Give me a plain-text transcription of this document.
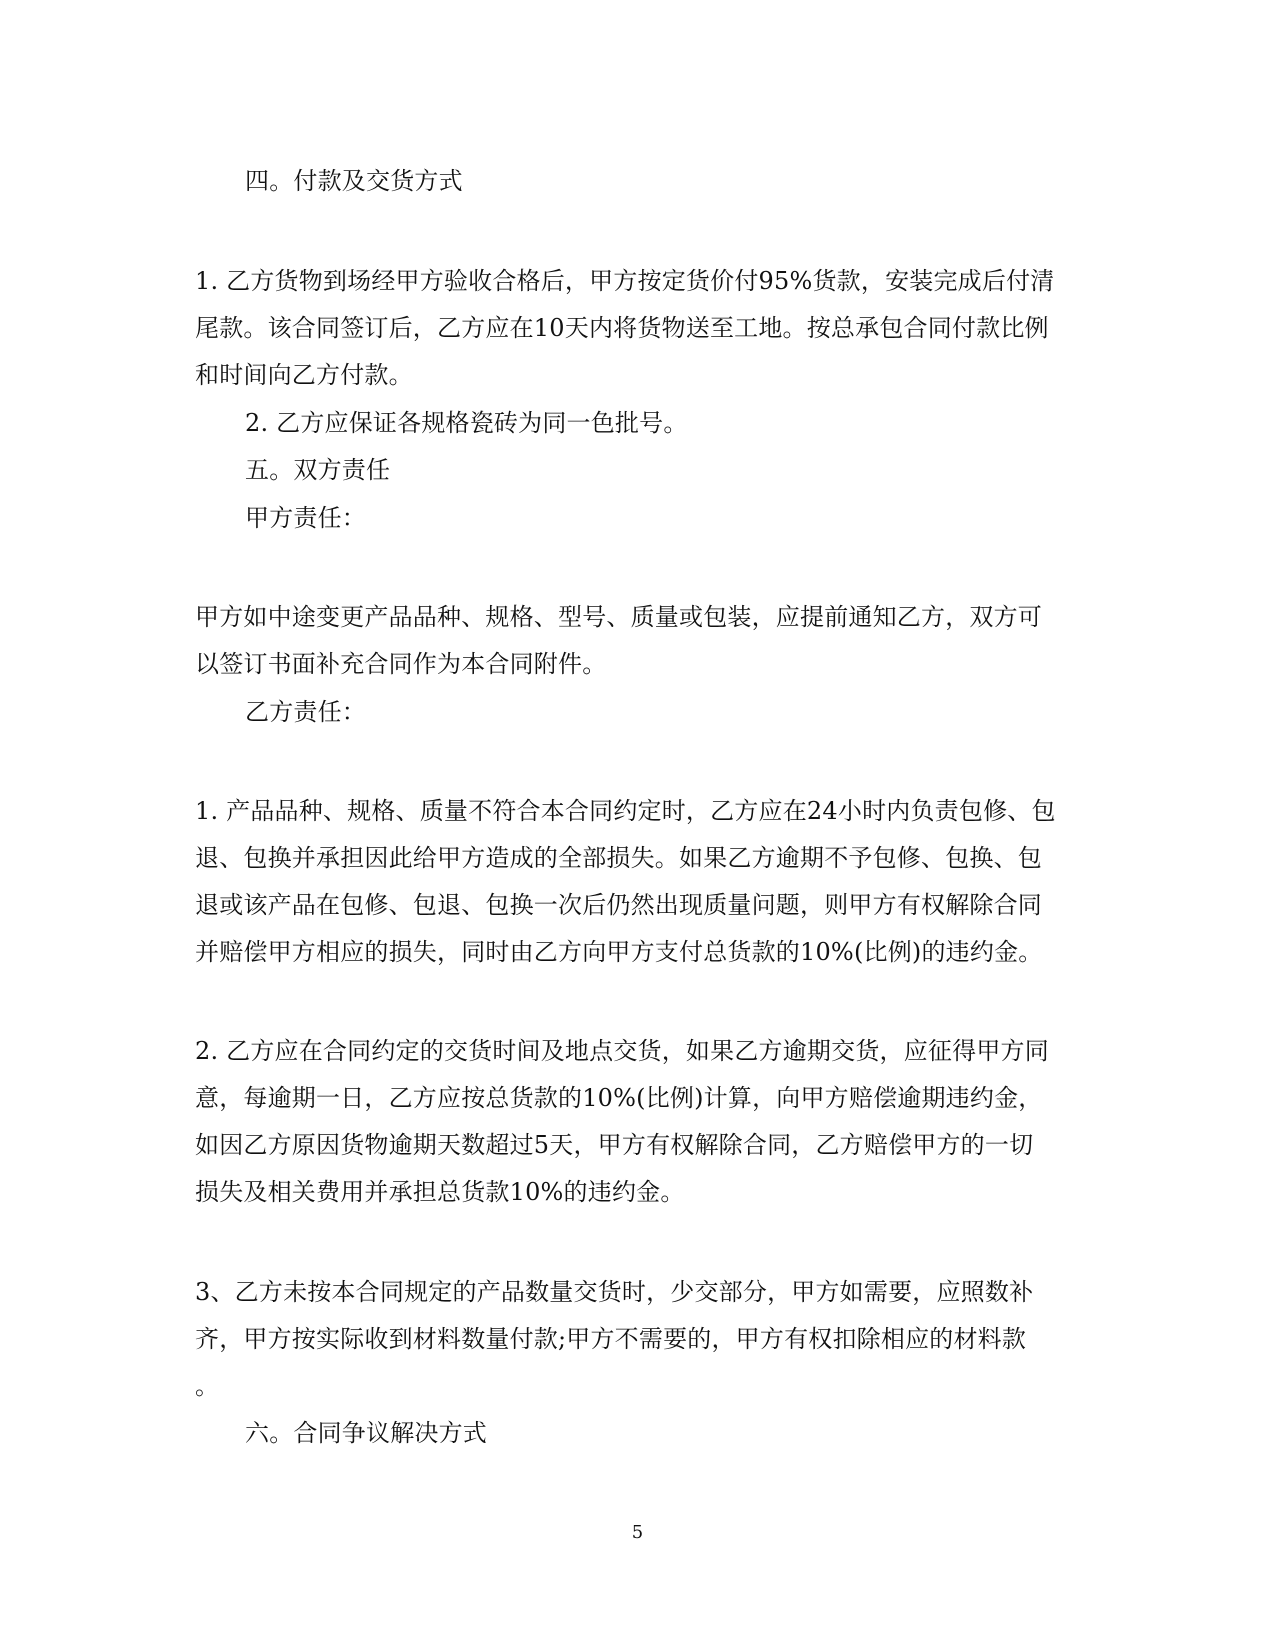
四。付款及交货方式
1. 乙方货物到场经甲方验收合格后，甲方按定货价付95%货款，安装完成后付清
尾款。该合同签订后，乙方应在10天内将货物送至工地。按总承包合同付款比例
和时间向乙方付款。
2. 乙方应保证各规格瓷砖为同一色批号。
五。双方责任
甲方责任：
甲方如中途变更产品品种、规格、型号、质量或包装，应提前通知乙方，双方可
以签订书面补充合同作为本合同附件。
乙方责任：
1. 产品品种、规格、质量不符合本合同约定时，乙方应在24小时内负责包修、包
退、包换并承担因此给甲方造成的全部损失。如果乙方逾期不予包修、包换、包
退或该产品在包修、包退、包换一次后仍然出现质量问题，则甲方有权解除合同
并赔偿甲方相应的损失，同时由乙方向甲方支付总货款的10%(比例)的违约金。
2. 乙方应在合同约定的交货时间及地点交货，如果乙方逾期交货，应征得甲方同
意，每逾期一日，乙方应按总货款的10%(比例)计算，向甲方赔偿逾期违约金，
如因乙方原因货物逾期天数超过5天，甲方有权解除合同，乙方赔偿甲方的一切
损失及相关费用并承担总货款10%的违约金。
3、乙方未按本合同规定的产品数量交货时，少交部分，甲方如需要，应照数补
齐，甲方按实际收到材料数量付款;甲方不需要的，甲方有权扣除相应的材料款
。
六。合同争议解决方式
5
